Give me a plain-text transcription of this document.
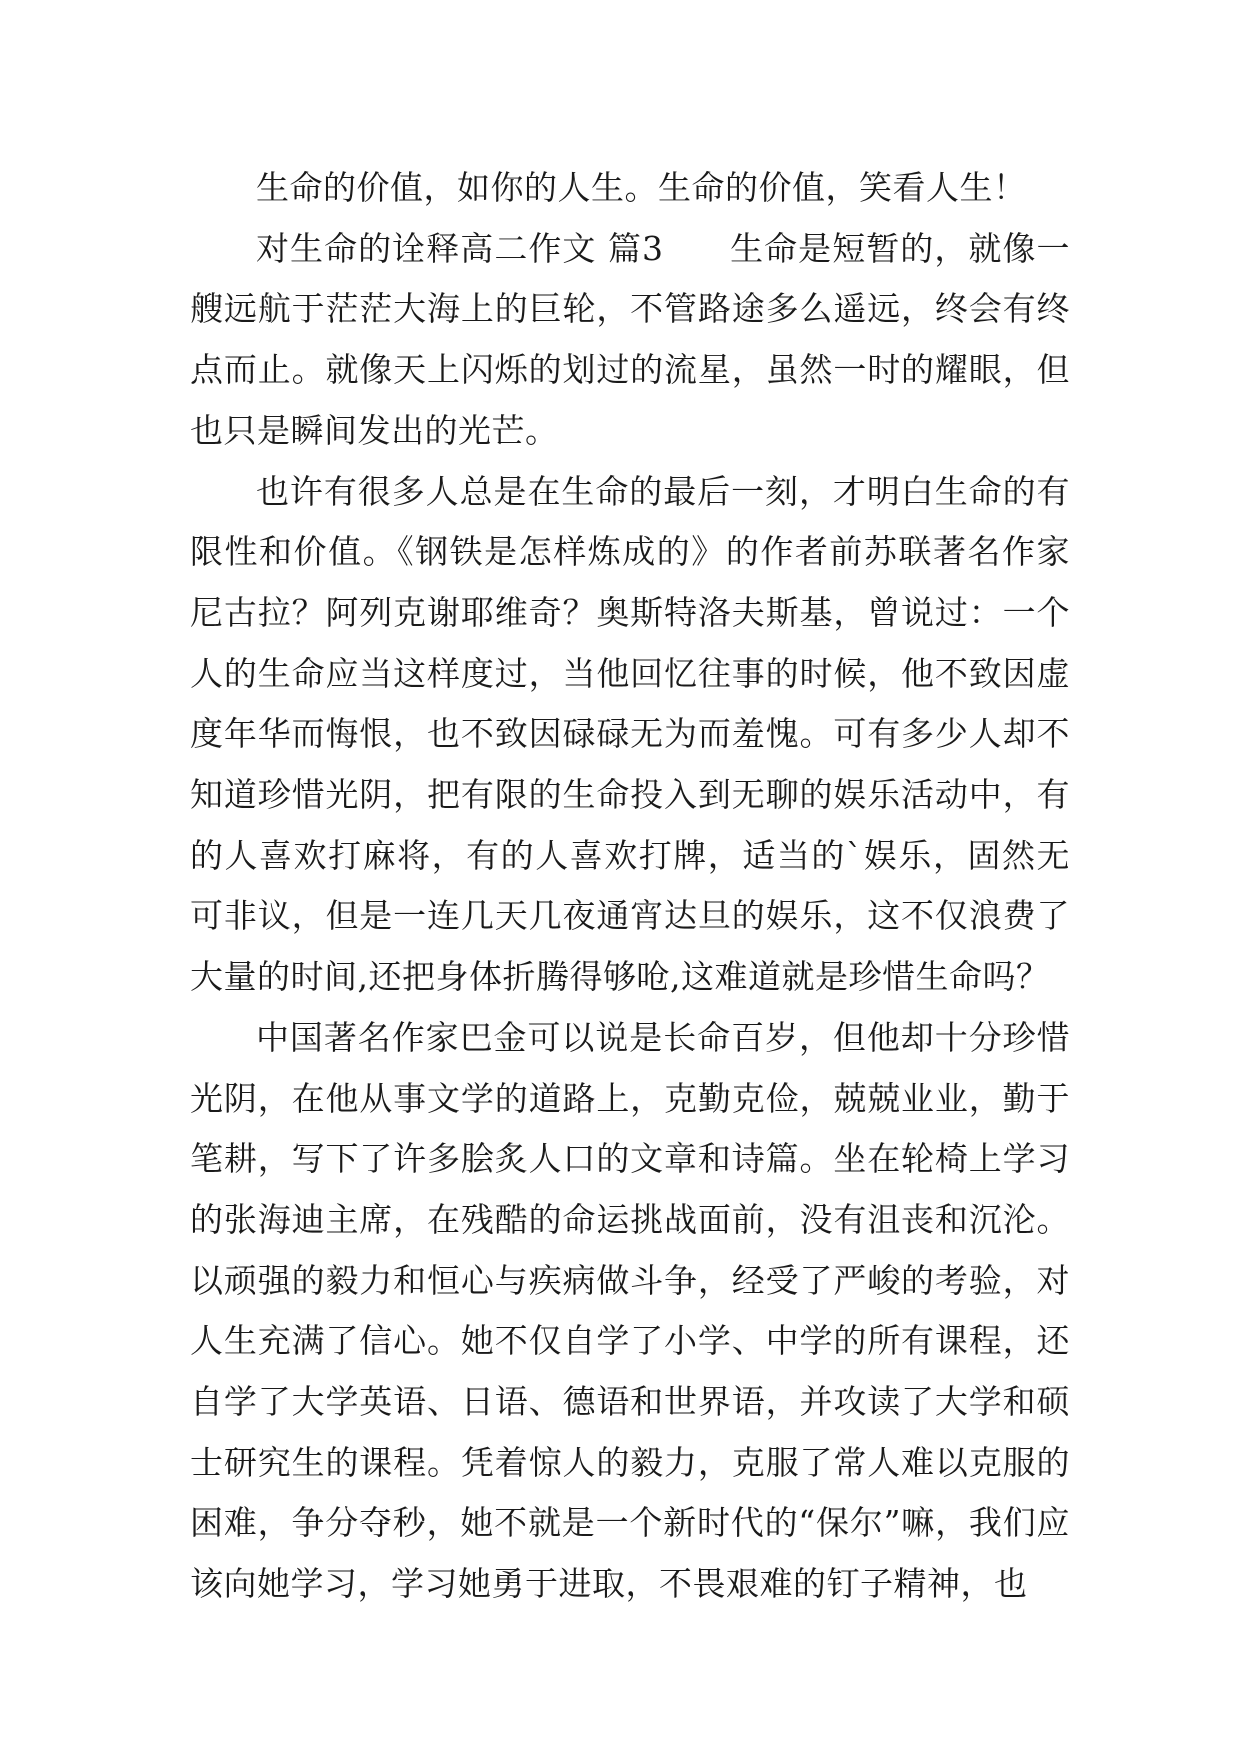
生命的价值，如你的人生。生命的价值，笑看人生！

对生命的诠释高二作文 篇3 生命是短暂的，就像一艘远航于茫茫大海上的巨轮，不管路途多么遥远，终会有终点而止。就像天上闪烁的划过的流星，虽然一时的耀眼，但也只是瞬间发出的光芒。

也许有很多人总是在生命的最后一刻，才明白生命的有限性和价值。《钢铁是怎样炼成的》的作者前苏联著名作家尼古拉？阿列克谢耶维奇？奥斯特洛夫斯基，曾说过：一个人的生命应当这样度过，当他回忆往事的时候，他不致因虚度年华而悔恨，也不致因碌碌无为而羞愧。可有多少人却不知道珍惜光阴，把有限的生命投入到无聊的娱乐活动中，有的人喜欢打麻将，有的人喜欢打牌，适当的`娱乐，固然无可非议，但是一连几天几夜通宵达旦的娱乐，这不仅浪费了大量的时间,还把身体折腾得够呛,这难道就是珍惜生命吗？

中国著名作家巴金可以说是长命百岁，但他却十分珍惜光阴，在他从事文学的道路上，克勤克俭，兢兢业业，勤于笔耕，写下了许多脍炙人口的文章和诗篇。坐在轮椅上学习的张海迪主席，在残酷的命运挑战面前，没有沮丧和沉沦。以顽强的毅力和恒心与疾病做斗争，经受了严峻的考验，对人生充满了信心。她不仅自学了小学、中学的所有课程，还自学了大学英语、日语、德语和世界语，并攻读了大学和硕士研究生的课程。凭着惊人的毅力，克服了常人难以克服的困难，争分夺秒，她不就是一个新时代的“保尔”嘛，我们应该向她学习，学习她勇于进取，不畏艰难的钉子精神，也
